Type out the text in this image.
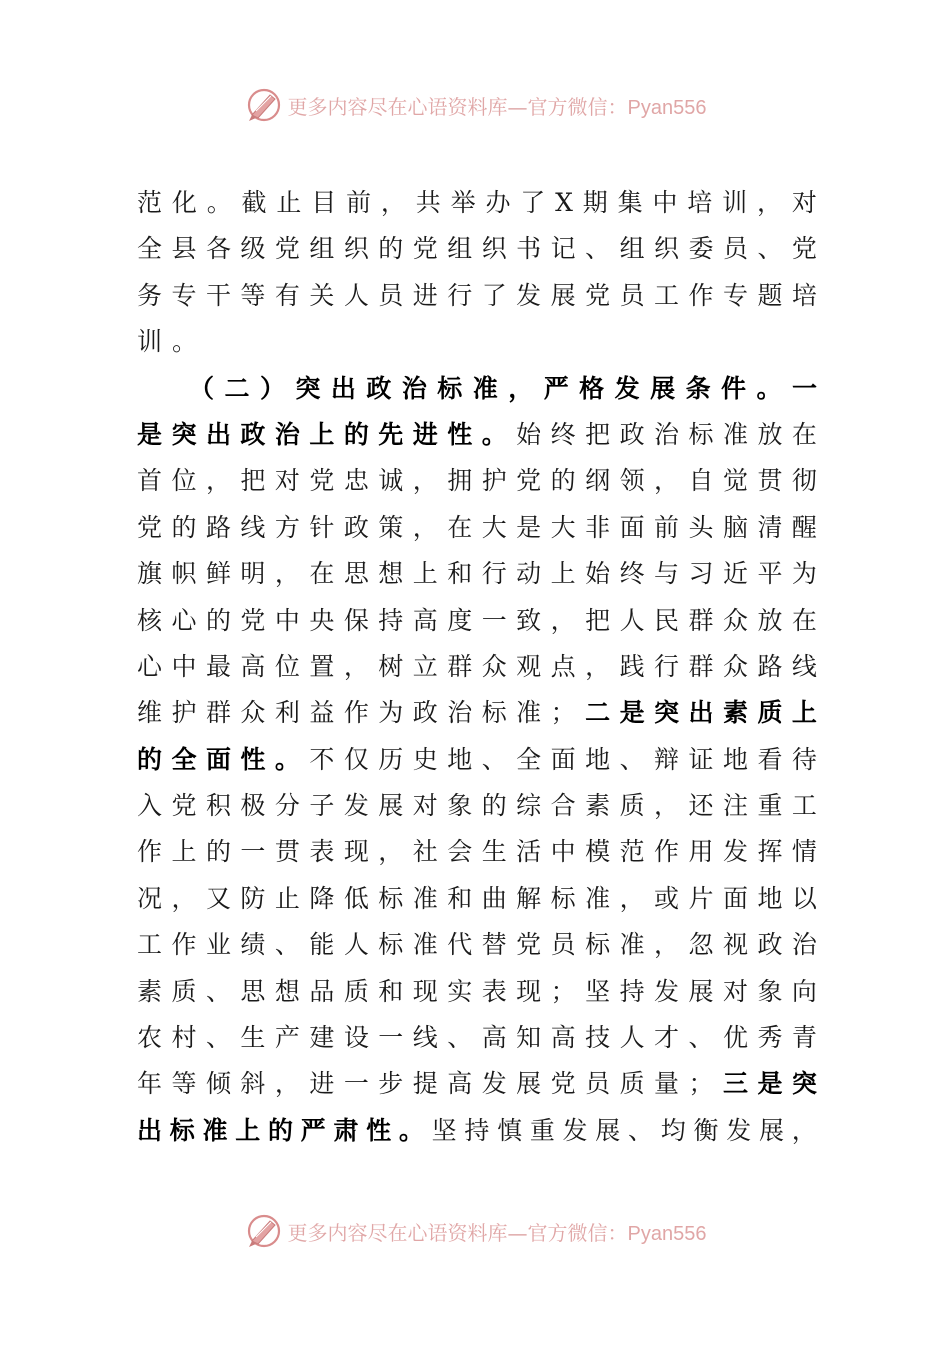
更多内容尽在心语资料库—官方微信：Pyan556
范 化 。 截 止 目 前 ， 共 举 办 了 X 期 集 中 培 训 ， 对
全 县 各 级 党 组 织 的 党 组 织 书 记 、 组 织 委 员 、 党
务 专 干 等 有 关 人 员 进 行 了 发 展 党 员 工 作 专 题 培
训 。
（ 二 ） 突 出 政 治 标 准 ， 严 格 发 展 条 件 。 一
是 突 出 政 治 上 的 先 进 性 。 始 终 把 政 治 标 准 放 在
首 位 ， 把 对 党 忠 诚 ， 拥 护 党 的 纲 领 ， 自 觉 贯 彻
党 的 路 线 方 针 政 策 ， 在 大 是 大 非 面 前 头 脑 清 醒
旗 帜 鲜 明 ， 在 思 想 上 和 行 动 上 始 终 与 习 近 平 为
核 心 的 党 中 央 保 持 高 度 一 致 ， 把 人 民 群 众 放 在
心 中 最 高 位 置 ， 树 立 群 众 观 点 ， 践 行 群 众 路 线
维 护 群 众 利 益 作 为 政 治 标 准 ； 二 是 突 出 素 质 上
的 全 面 性 。 不 仅 历 史 地 、 全 面 地 、 辩 证 地 看 待
入 党 积 极 分 子 发 展 对 象 的 综 合 素 质 ， 还 注 重 工
作 上 的 一 贯 表 现 ， 社 会 生 活 中 模 范 作 用 发 挥 情
况 ， 又 防 止 降 低 标 准 和 曲 解 标 准 ， 或 片 面 地 以
工 作 业 绩 、 能 人 标 准 代 替 党 员 标 准 ， 忽 视 政 治
素 质 、 思 想 品 质 和 现 实 表 现 ； 坚 持 发 展 对 象 向
农 村 、 生 产 建 设 一 线 、 高 知 高 技 人 才 、 优 秀 青
年 等 倾 斜 ， 进 一 步 提 高 发 展 党 员 质 量 ； 三 是 突
出 标 准 上 的 严 肃 性 。 坚 持 慎 重 发 展 、 均 衡 发 展 ，
更多内容尽在心语资料库—官方微信：Pyan556
